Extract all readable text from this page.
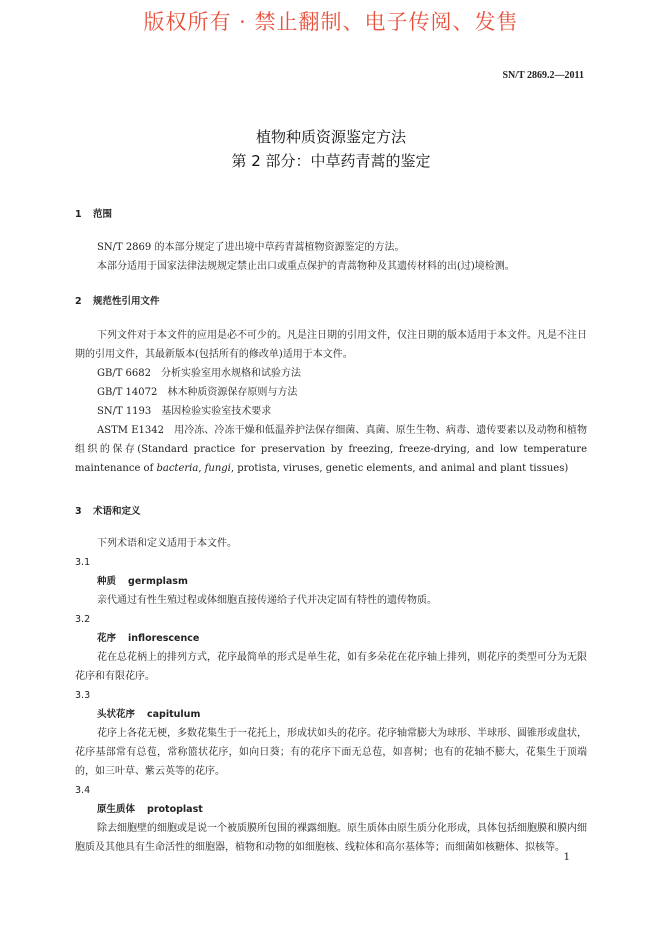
版权所有 · 禁止翻制、电子传阅、发售
SN/T 2869.2—2011
植物种质资源鉴定方法
第 2 部分：中草药青蒿的鉴定
1 范围

SN/T 2869 的本部分规定了进出境中草药青蒿植物资源鉴定的方法。

本部分适用于国家法律法规规定禁止出口或重点保护的青蒿物种及其遗传材料的出(过)境检测。

2 规范性引用文件

下列文件对于本文件的应用是必不可少的。凡是注日期的引用文件，仅注日期的版本适用于本文件。凡是不注日期的引用文件，其最新版本(包括所有的修改单)适用于本文件。

GB/T 6682　分析实验室用水规格和试验方法

GB/T 14072　林木种质资源保存原则与方法

SN/T 1193　基因检验实验室技术要求

ASTM E1342　用冷冻、冷冻干燥和低温养护法保存细菌、真菌、原生生物、病毒、遗传要素以及动物和植物组织的保存(Standard practice for preservation by freezing, freeze-drying, and low temperature maintenance of bacteria, fungi, protista, viruses, genetic elements, and animal and plant tissues)

3 术语和定义

下列术语和定义适用于本文件。

3.1

种质 germplasm

亲代通过有性生殖过程或体细胞直接传递给子代并决定固有特性的遗传物质。

3.2

花序 inflorescence

花在总花柄上的排列方式，花序最简单的形式是单生花，如有多朵花在花序轴上排列，则花序的类型可分为无限花序和有限花序。

3.3

头状花序 capitulum

花序上各花无梗，多数花集生于一花托上，形成状如头的花序。花序轴常膨大为球形、半球形、圆锥形或盘状，花序基部常有总苞，常称篮状花序，如向日葵；有的花序下面无总苞，如喜树；也有的花轴不膨大，花集生于顶端的，如三叶草、紫云英等的花序。

3.4

原生质体 protoplast

除去细胞壁的细胞或是说一个被质膜所包围的裸露细胞。原生质体由原生质分化形成，具体包括细胞膜和膜内细胞质及其他具有生命活性的细胞器，植物和动物的如细胞核、线粒体和高尔基体等；而细菌如核糖体、拟核等。

1
